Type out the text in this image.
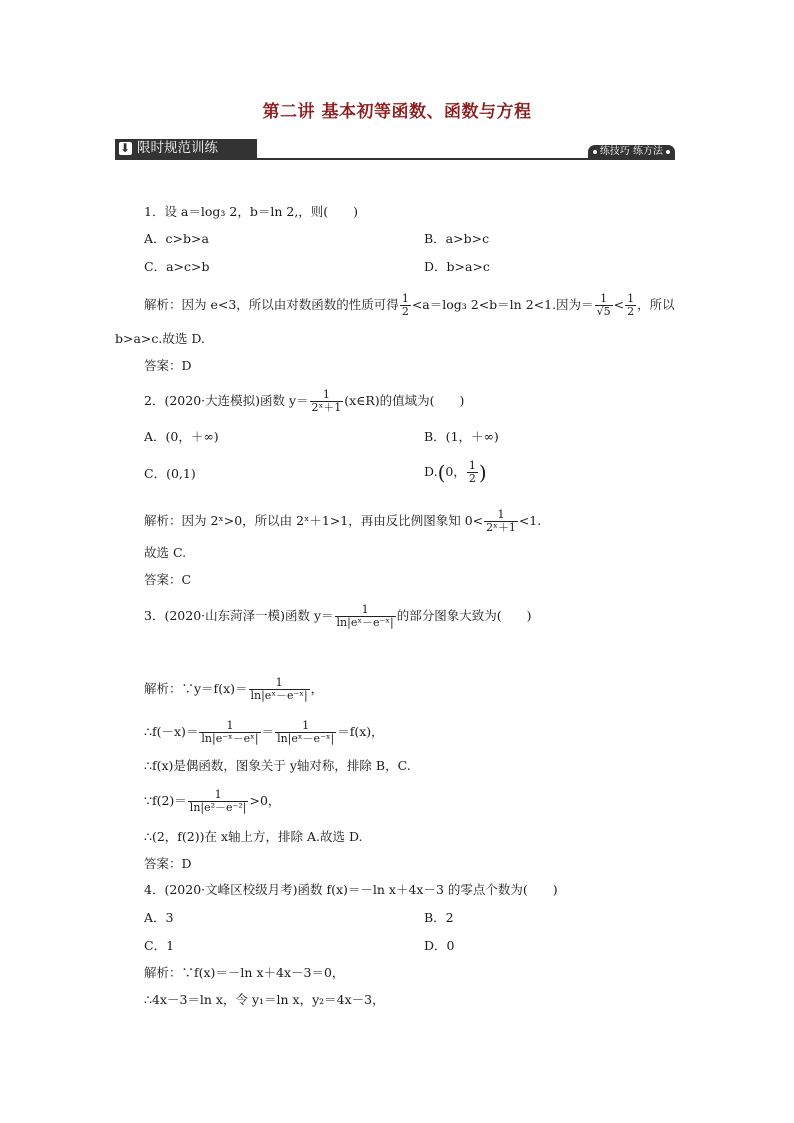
第二讲 基本初等函数、函数与方程
⬇
限时规范训练	练技巧 练方法
1．设 a＝log₃ 2，b＝ln 2,，则(　　)
A．c>b>a	B．a>b>c
C．a>c>b	D．b>a>c
解析：因为 e<3，所以由对数函数的性质可得 $\frac{1}{2} <a=\log_3$ 2<b＝ln 2<1.因为＝ $\frac{1}{√5} < \frac{1}{2}$ ，所以
b>a>c.故选 D.
答案：D
2．(2020·大连模拟)函数 $y= \frac{1}{\text{2ˣ＋1}}$ (x∈R)的值域为(　　)
A．(0，＋∞)	B．(1，＋∞)
C．(0,1)	D.(0， $\frac{1}{2}$ )
解析：因为 2ˣ>0，所以由 2ˣ＋1>1，再由反比例图象知 $0< \frac{1}{\text{2ˣ＋1}} <1$.
故选 C.
答案：C
3．(2020·山东菏泽一模)函数 $y= \frac{1}{\text{ln|eˣ－e⁻ˣ|}}$ 的部分图象大致为(　　)
解析：∵y＝f(x)＝ $\frac{1}{\text{ln|eˣ－e⁻ˣ|}}$ ，
∴f(－x)＝ $\frac{1}{\text{ln|e⁻ˣ－eˣ|}} = \frac{1}{\text{ln|eˣ－e⁻ˣ|}} =f(x)$，
∴f(x)是偶函数，图象关于 y轴对称，排除 B，C.
∵f(2)＝ $\frac{1}{\text{ln|e²－e⁻²|}} >0$，
∴(2，f(2))在 x轴上方，排除 A.故选 D.
答案：D
4．(2020·文峰区校级月考)函数 f(x)＝－ln x＋4x－3 的零点个数为(　　)
A．3	B．2
C．1	D．0
解析：∵f(x)＝－ln x＋4x－3＝0，
∴4x－3＝ln x，令 y₁＝ln x，y₂＝4x－3，
